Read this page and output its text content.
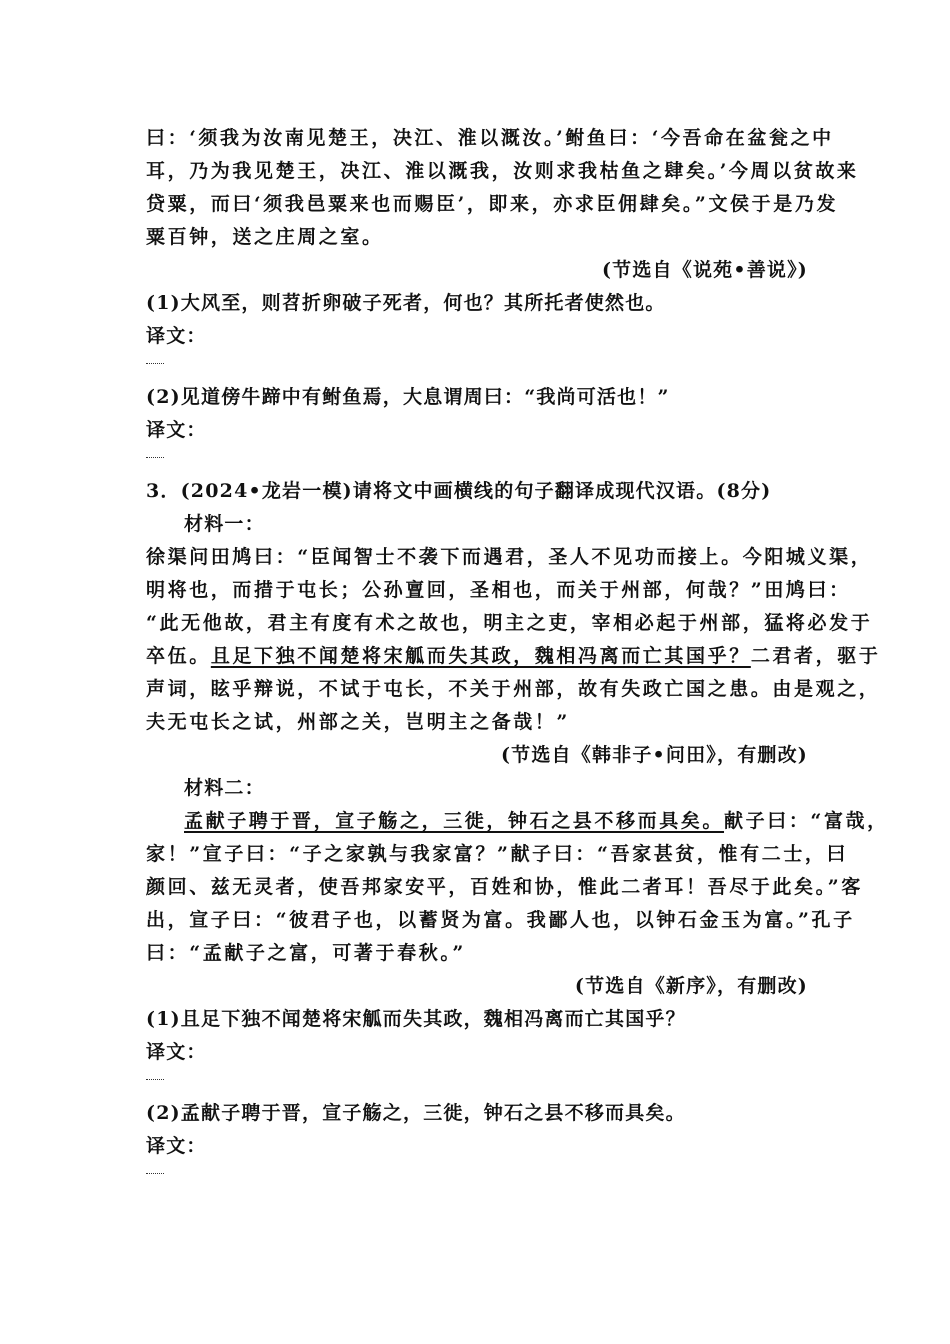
曰：‘须我为汝南见楚王，决江、淮以溉汝。’鲋鱼曰：‘今吾命在盆瓮之中
耳，乃为我见楚王，决江、淮以溉我，汝则求我枯鱼之肆矣。’今周以贫故来
贷粟，而曰‘须我邑粟来也而赐臣’，即来，亦求臣佣肆矣。”文侯于是乃发
粟百钟，送之庄周之室。
(节选自《说苑•善说》)
(1)大风至，则苕折卵破子死者，何也？其所托者使然也。
译文：
(2)见道傍牛蹄中有鲋鱼焉，大息谓周曰：“我尚可活也！”
译文：
3．(2024•龙岩一模)请将文中画横线的句子翻译成现代汉语。(8分)
材料一：
徐渠问田鸠曰：“臣闻智士不袭下而遇君，圣人不见功而接上。今阳城义渠，
明将也，而措于屯长；公孙亶回，圣相也，而关于州部，何哉？”田鸠曰：
“此无他故，君主有度有术之故也，明主之吏，宰相必起于州部，猛将必发于
卒伍。且足下独不闻楚将宋觚而失其政，魏相冯离而亡其国乎？二君者，驱于
声词，眩乎辩说，不试于屯长，不关于州部，故有失政亡国之患。由是观之，
夫无屯长之试，州部之关，岂明主之备哉！”
(节选自《韩非子•问田》，有删改)
材料二：
孟献子聘于晋，宣子觞之，三徙，钟石之县不移而具矣。献子曰：“富哉，
家！”宣子曰：“子之家孰与我家富？”献子曰：“吾家甚贫，惟有二士，曰
颜回、兹无灵者，使吾邦家安平，百姓和协，惟此二者耳！吾尽于此矣。”客
出，宣子曰：“彼君子也，以蓄贤为富。我鄙人也，以钟石金玉为富。”孔子
曰：“孟献子之富，可著于春秋。”
(节选自《新序》，有删改)
(1)且足下独不闻楚将宋觚而失其政，魏相冯离而亡其国乎？
译文：
(2)孟献子聘于晋，宣子觞之，三徙，钟石之县不移而具矣。
译文：
